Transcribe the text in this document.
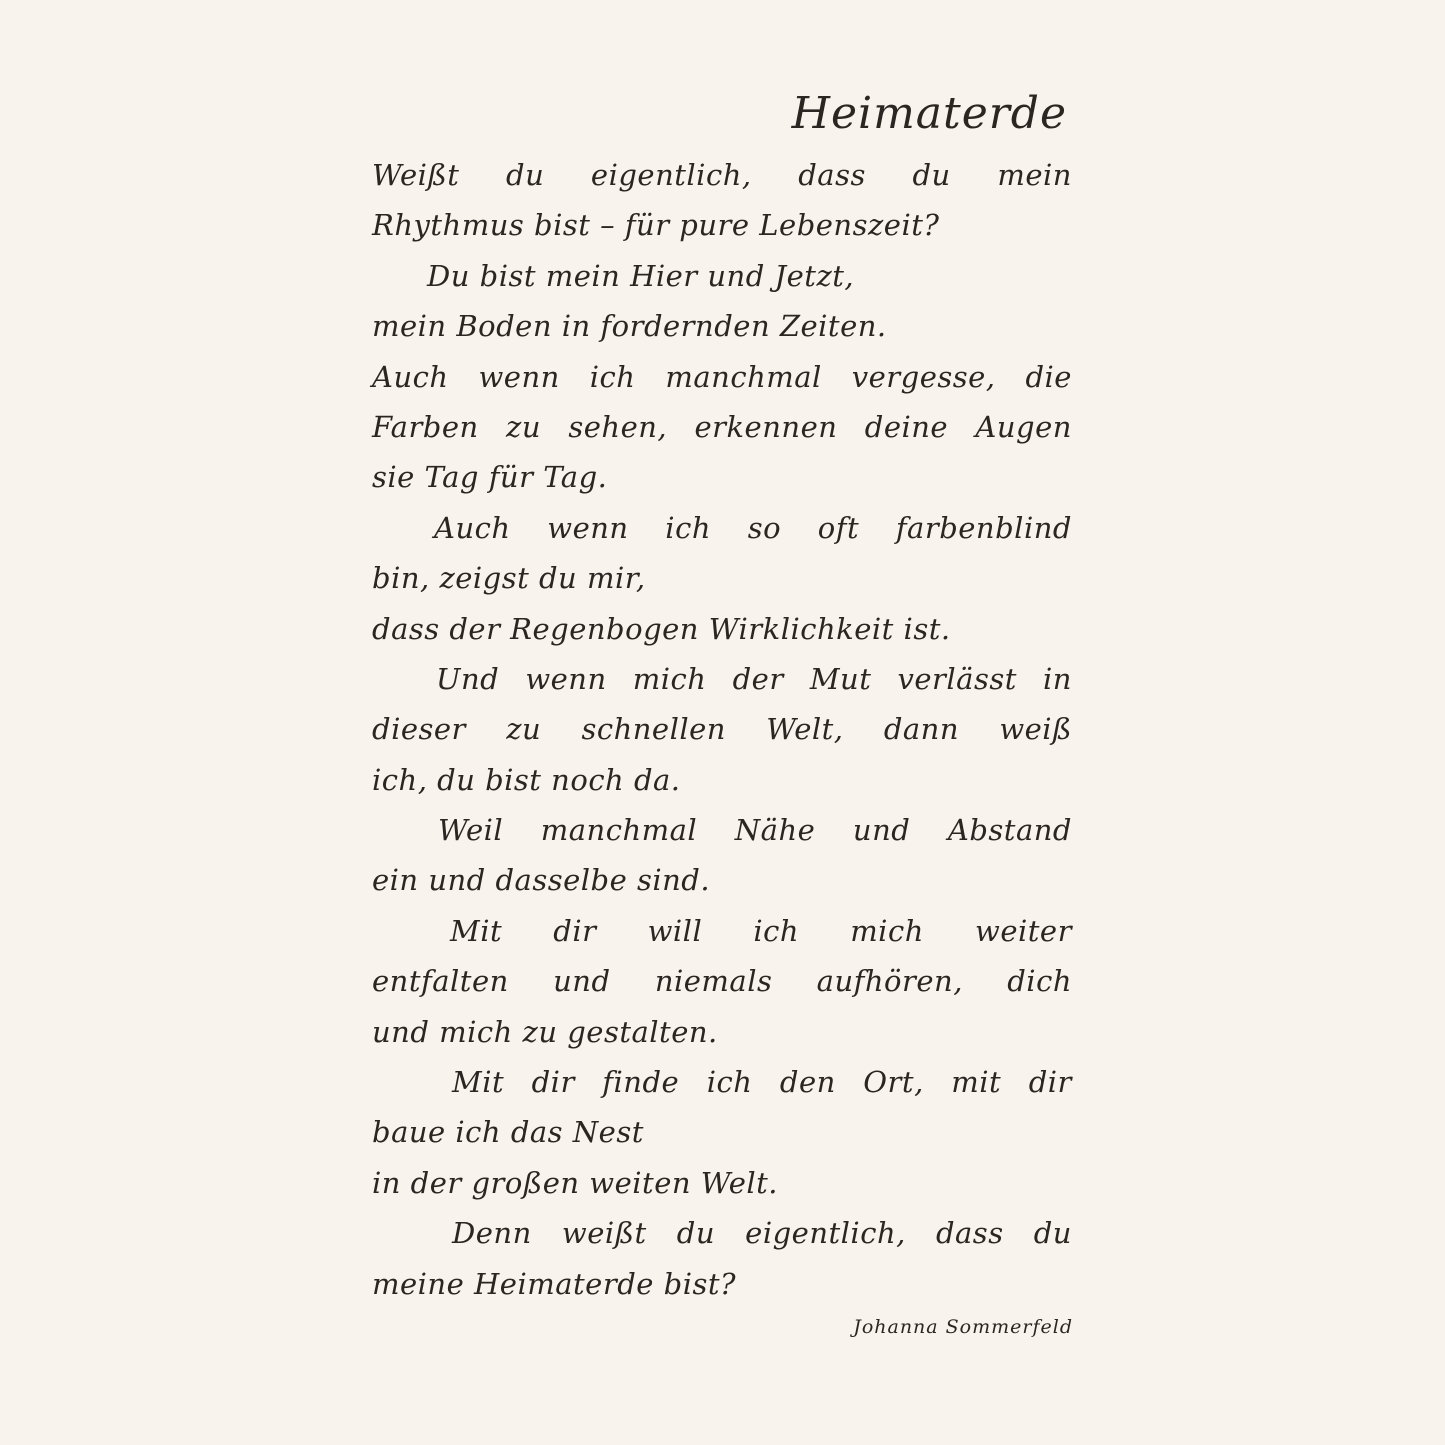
Heimaterde
Weißt du eigentlich, dass du mein
Rhythmus bist – für pure Lebenszeit?
Du bist mein Hier und Jetzt,
mein Boden in fordernden Zeiten.
Auch wenn ich manchmal vergesse, die
Farben zu sehen, erkennen deine Augen
sie Tag für Tag.
Auch wenn ich so oft farbenblind
bin, zeigst du mir,
dass der Regenbogen Wirklichkeit ist.
Und wenn mich der Mut verlässt in
dieser zu schnellen Welt, dann weiß
ich, du bist noch da.
Weil manchmal Nähe und Abstand
ein und dasselbe sind.
Mit dir will ich mich weiter
entfalten und niemals aufhören, dich
und mich zu gestalten.
Mit dir finde ich den Ort, mit dir
baue ich das Nest
in der großen weiten Welt.
Denn weißt du eigentlich, dass du
meine Heimaterde bist?
Johanna Sommerfeld
